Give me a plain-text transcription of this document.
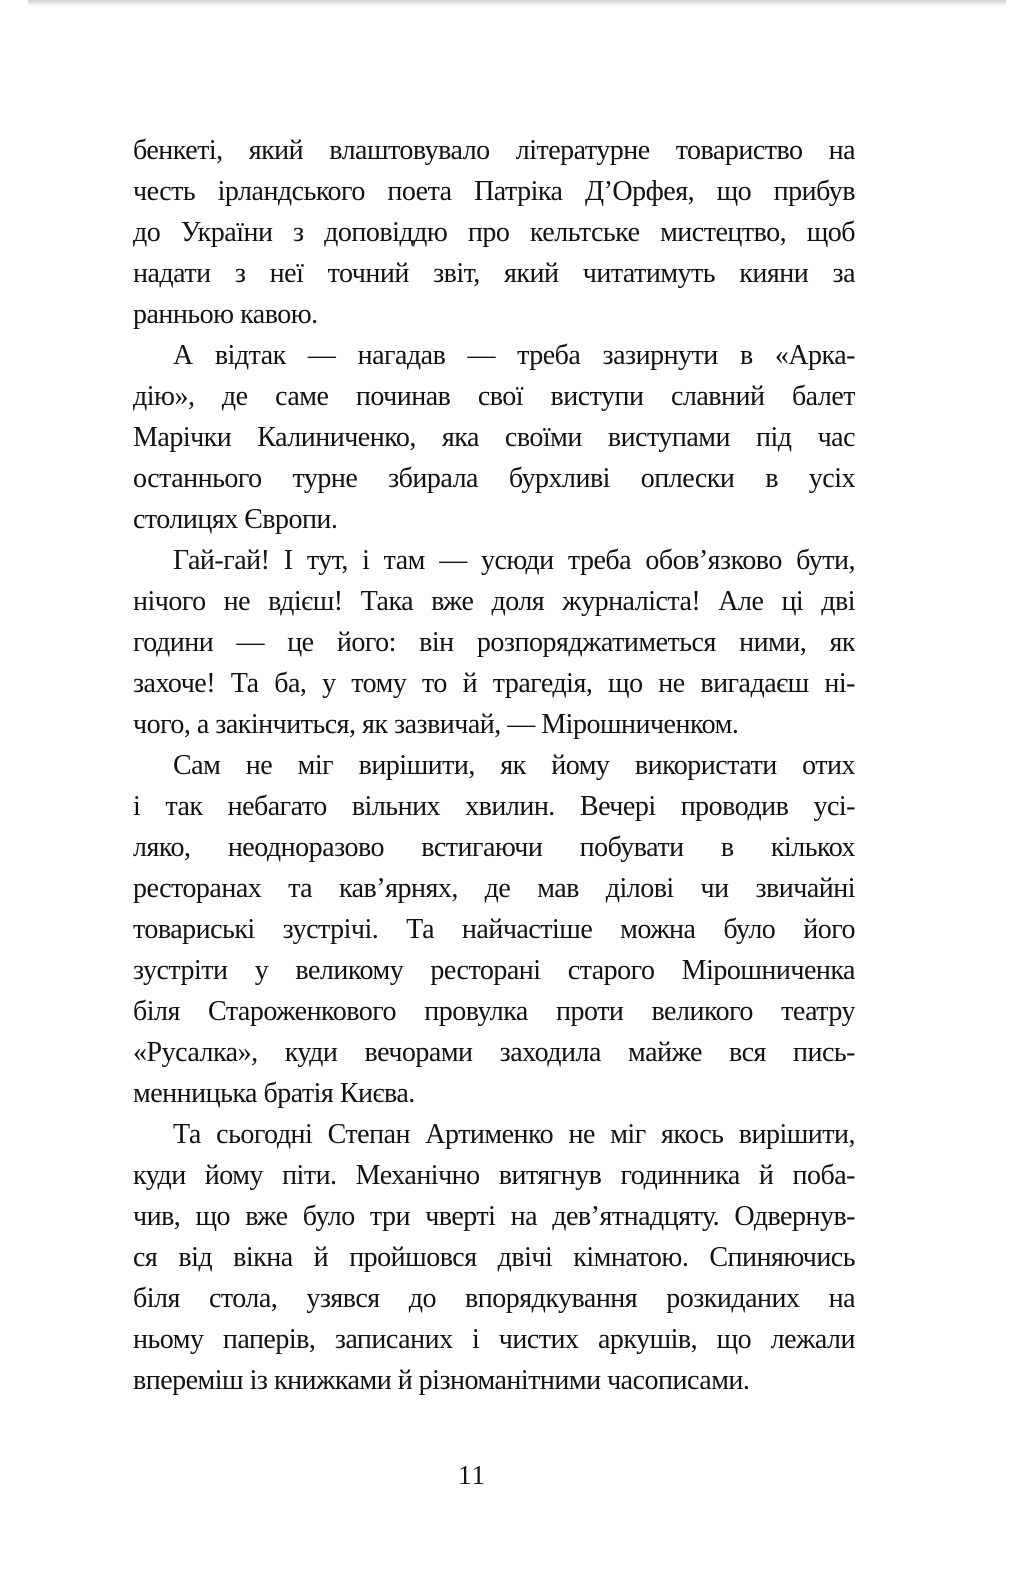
бенкеті, який влаштовувало літературне товариство на
честь ірландського поета Патріка Д’Орфея, що прибув
до України з доповіддю про кельтське мистецтво, щоб
надати з неї точний звіт, який читатимуть кияни за
ранньою кавою.
А відтак — нагадав — треба зазирнути в «Арка-
дію», де саме починав свої виступи славний балет
Марічки Калиниченко, яка своїми виступами під час
останнього турне збирала бурхливі оплески в усіх
столицях Європи.
Гай-гай! І тут, і там — усюди треба обов’язково бути,
нічого не вдієш! Така вже доля журналіста! Але ці дві
години — це його: він розпоряджатиметься ними, як
захоче! Та ба, у тому то й трагедія, що не вигадаєш ні-
чого, а закінчиться, як зазвичай, — Мірошниченком.
Сам не міг вирішити, як йому використати отих
і так небагато вільних хвилин. Вечері проводив усі-
ляко, неодноразово встигаючи побувати в кількох
ресторанах та кав’ярнях, де мав ділові чи звичайні
товариські зустрічі. Та найчастіше можна було його
зустріти у великому ресторані старого Мірошниченка
біля Староженкового провулка проти великого театру
«Русалка», куди вечорами заходила майже вся пись-
менницька братія Києва.
Та сьогодні Степан Артименко не міг якось вирішити,
куди йому піти. Механічно витягнув годинника й поба-
чив, що вже було три чверті на дев’ятнадцяту. Одвернув-
ся від вікна й пройшовся двічі кімнатою. Спиняючись
біля стола, узявся до впорядкування розкиданих на
ньому паперів, записаних і чистих аркушів, що лежали
впереміш із книжками й різноманітними часописами.
11
